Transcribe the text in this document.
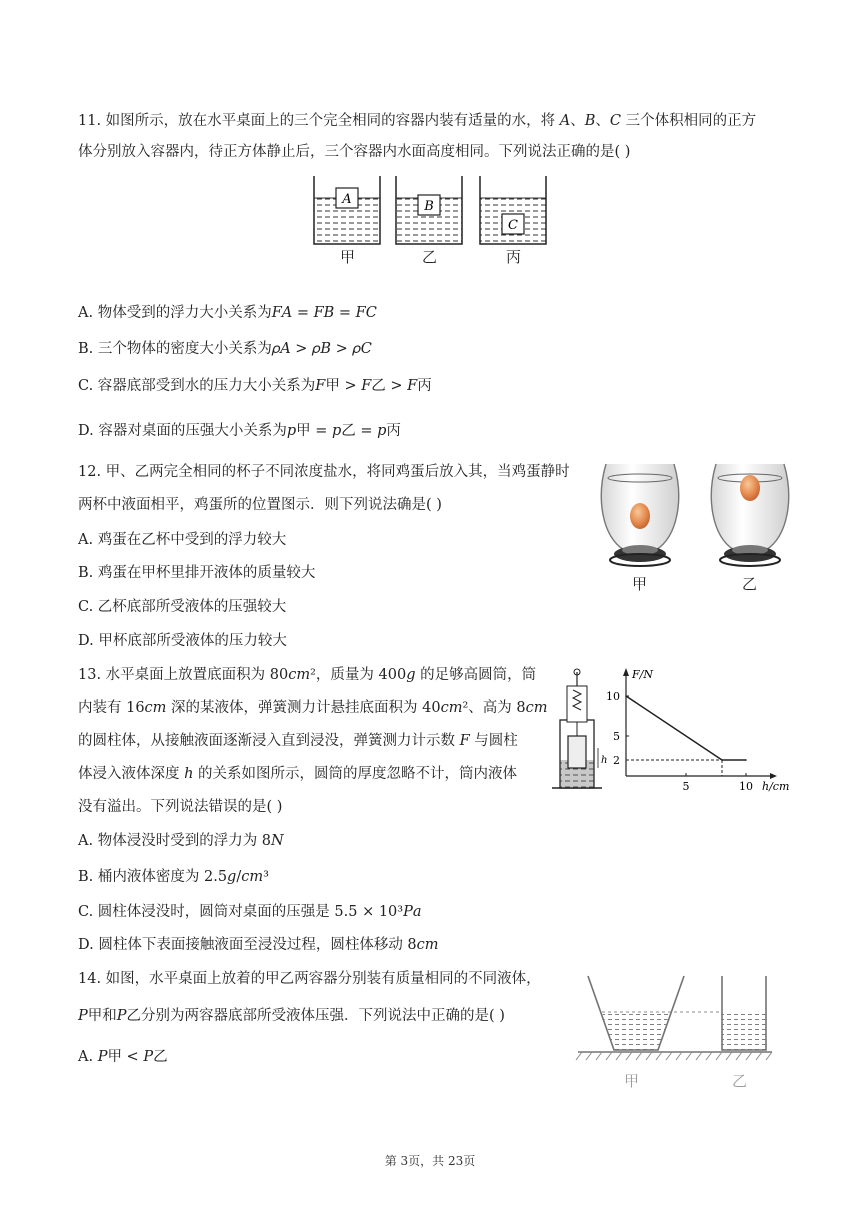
11. 如图所示，放在水平桌面上的三个完全相同的容器内装有适量的水，将 𝐴、𝐵、𝐶 三个体积相同的正方
体分别放入容器内，待正方体静止后，三个容器内水面高度相同。下列说法正确的是( )
A	B
C
甲	乙	丙
A. 物体受到的浮力大小关系为𝐹𝐴 = 𝐹𝐵 = 𝐹𝐶
B. 三个物体的密度大小关系为𝜌𝐴 > 𝜌𝐵 > 𝜌𝐶
C. 容器底部受到水的压力大小关系为𝐹甲 > 𝐹乙 > 𝐹丙
D. 容器对桌面的压强大小关系为𝑝甲 = 𝑝乙 = 𝑝丙
12. 甲、乙两完全相同的杯子不同浓度盐水，将同鸡蛋后放入其，当鸡蛋静时
两杯中液面相平，鸡蛋所的位置图示．则下列说法确是( )
甲	乙
A. 鸡蛋在乙杯中受到的浮力较大
B. 鸡蛋在甲杯里排开液体的质量较大
C. 乙杯底部所受液体的压强较大
D. 甲杯底部所受液体的压力较大
13. 水平桌面上放置底面积为 80𝑐𝑚²，质量为 400𝑔 的足够高圆筒，筒
内装有 16𝑐𝑚 深的某液体，弹簧测力计悬挂底面积为 40𝑐𝑚²、高为 8𝑐𝑚
的圆柱体，从接触液面逐渐浸入直到浸没，弹簧测力计示数 𝐹 与圆柱
体浸入液体深度 ℎ 的关系如图所示，圆筒的厚度忽略不计，筒内液体
没有溢出。下列说法错误的是( )
h
F/N
h/cm
5	10
10
5
2
A. 物体浸没时受到的浮力为 8𝑁
B. 桶内液体密度为 2.5𝑔/𝑐𝑚³
C. 圆柱体浸没时，圆筒对桌面的压强是 5.5 × 10³𝑃𝑎
D. 圆柱体下表面接触液面至浸没过程，圆柱体移动 8𝑐𝑚
14. 如图，水平桌面上放着的甲乙两容器分别装有质量相同的不同液体，
𝑃甲和𝑃乙分别为两容器底部所受液体压强．下列说法中正确的是( )
A. 𝑃甲 < 𝑃乙
甲	乙
第 3页，共 23页
